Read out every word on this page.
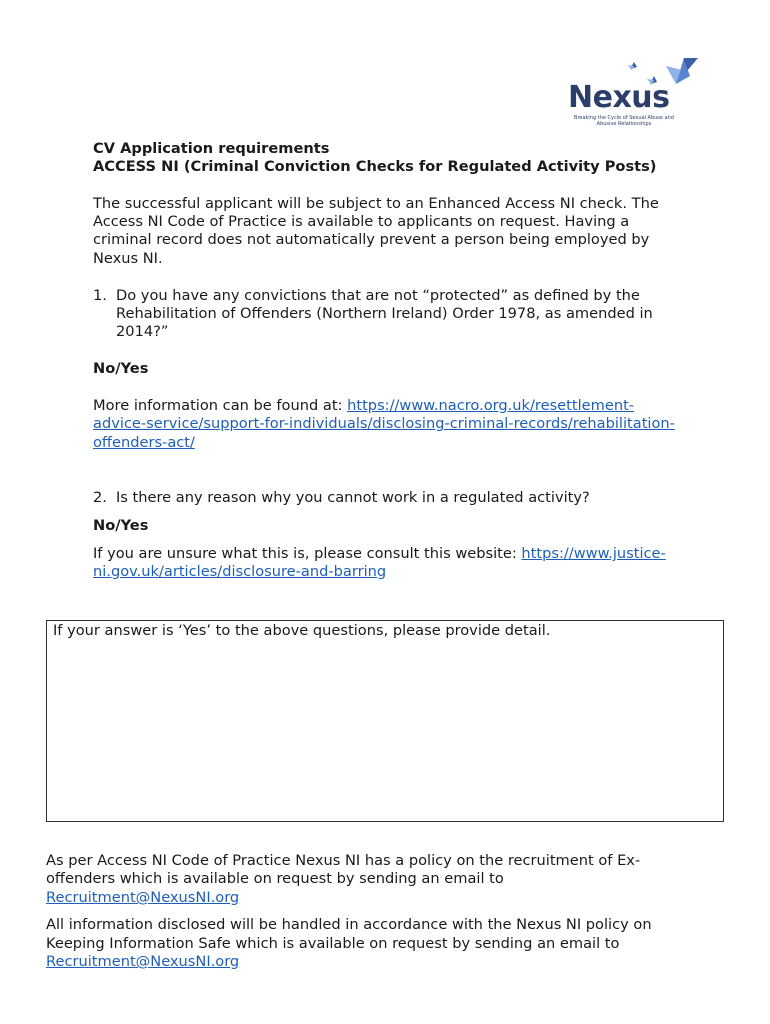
Nexus
Breaking the Cycle of Sexual Abuse and Abusive Relationships
CV Application requirements
ACCESS NI (Criminal Conviction Checks for Regulated Activity Posts)
The successful applicant will be subject to an Enhanced Access NI check. The
Access NI Code of Practice is available to applicants on request. Having a
criminal record does not automatically prevent a person being employed by
Nexus NI.
1. Do you have any convictions that are not “protected” as defined by the
Rehabilitation of Offenders (Northern Ireland) Order 1978, as amended in
2014?”
No/Yes
More information can be found at: https://www.nacro.org.uk/resettlement-
advice-service/support-for-individuals/disclosing-criminal-records/rehabilitation-
offenders-act/
2. Is there any reason why you cannot work in a regulated activity?
No/Yes
If you are unsure what this is, please consult this website: https://www.justice-
ni.gov.uk/articles/disclosure-and-barring
If your answer is ‘Yes’ to the above questions, please provide detail.
As per Access NI Code of Practice Nexus NI has a policy on the recruitment of Ex-
offenders which is available on request by sending an email to
Recruitment@NexusNI.org
All information disclosed will be handled in accordance with the Nexus NI policy on
Keeping Information Safe which is available on request by sending an email to
Recruitment@NexusNI.org
